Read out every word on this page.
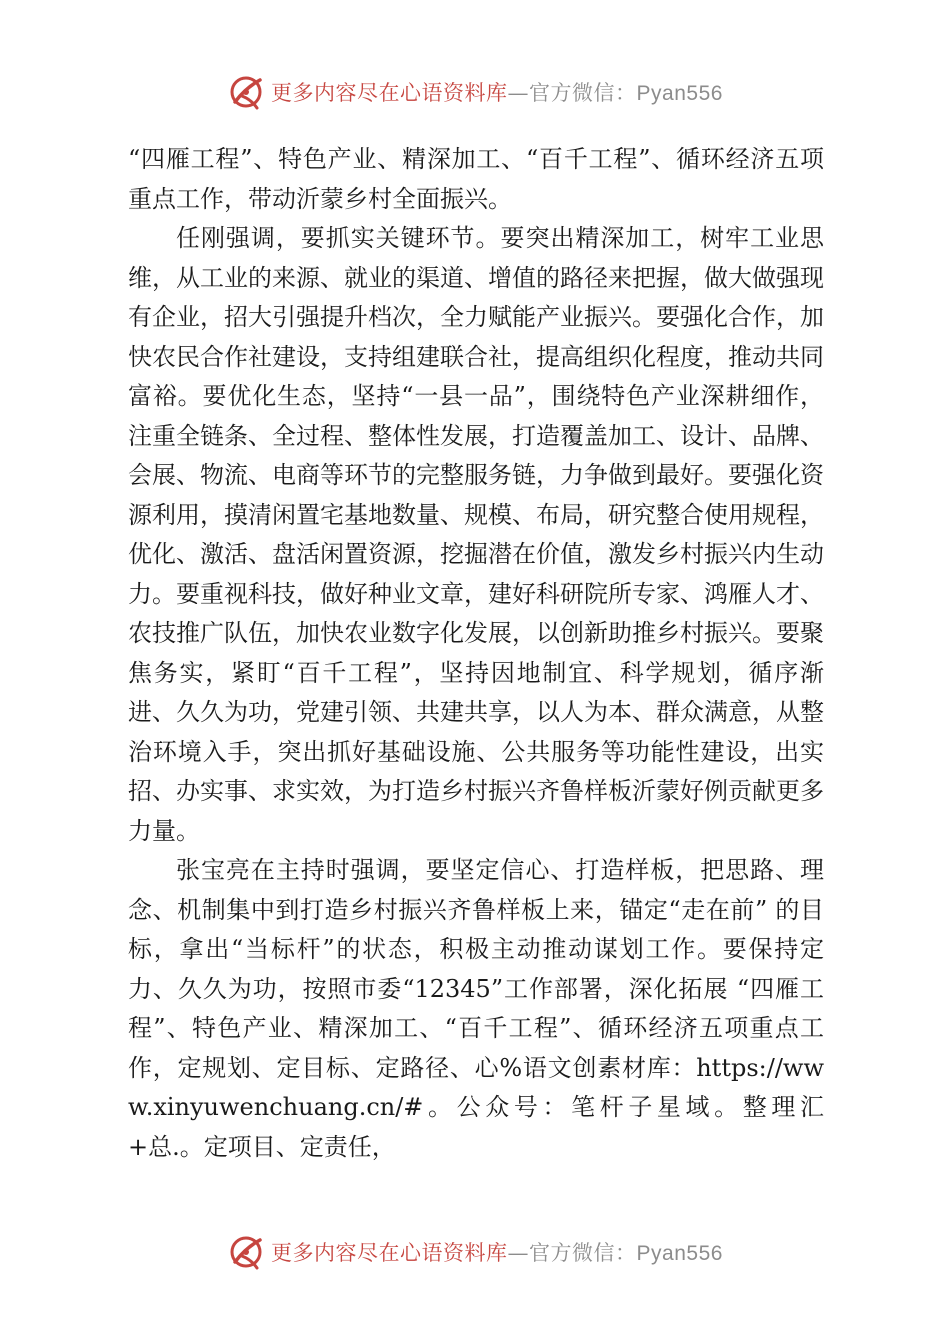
更多内容尽在心语资料库—官方微信：Pyan556

“四雁工程”、特色产业、精深加工、“百千工程”、循环经济五项重点工作，带动沂蒙乡村全面振兴。

任刚强调，要抓实关键环节。要突出精深加工，树牢工业思维，从工业的来源、就业的渠道、增值的路径来把握，做大做强现有企业，招大引强提升档次，全力赋能产业振兴。要强化合作，加快农民合作社建设，支持组建联合社，提高组织化程度，推动共同富裕。要优化生态，坚持“一县一品”，围绕特色产业深耕细作，注重全链条、全过程、整体性发展，打造覆盖加工、设计、品牌、会展、物流、电商等环节的完整服务链，力争做到最好。要强化资源利用，摸清闲置宅基地数量、规模、布局，研究整合使用规程，优化、激活、盘活闲置资源，挖掘潜在价值，激发乡村振兴内生动力。要重视科技，做好种业文章，建好科研院所专家、鸿雁人才、农技推广队伍，加快农业数字化发展，以创新助推乡村振兴。要聚焦务实，紧盯“百千工程”，坚持因地制宜、科学规划，循序渐进、久久为功，党建引领、共建共享，以人为本、群众满意，从整治环境入手，突出抓好基础设施、公共服务等功能性建设，出实招、办实事、求实效，为打造乡村振兴齐鲁样板沂蒙好例贡献更多力量。

张宝亮在主持时强调，要坚定信心、打造样板，把思路、理念、机制集中到打造乡村振兴齐鲁样板上来，锚定“走在前” 的目标，拿出“当标杆”的状态，积极主动推动谋划工作。要保持定力、久久为功，按照市委“12345”工作部署，深化拓展 “四雁工程”、特色产业、精深加工、“百千工程”、循环经济五项重点工作，定规划、定目标、定路径、心%语文创素材库：https://www.xinyuwenchuang.cn/#。公众号：笔杆子星域。整理汇+总.。定项目、定责任，

更多内容尽在心语资料库—官方微信：Pyan556
